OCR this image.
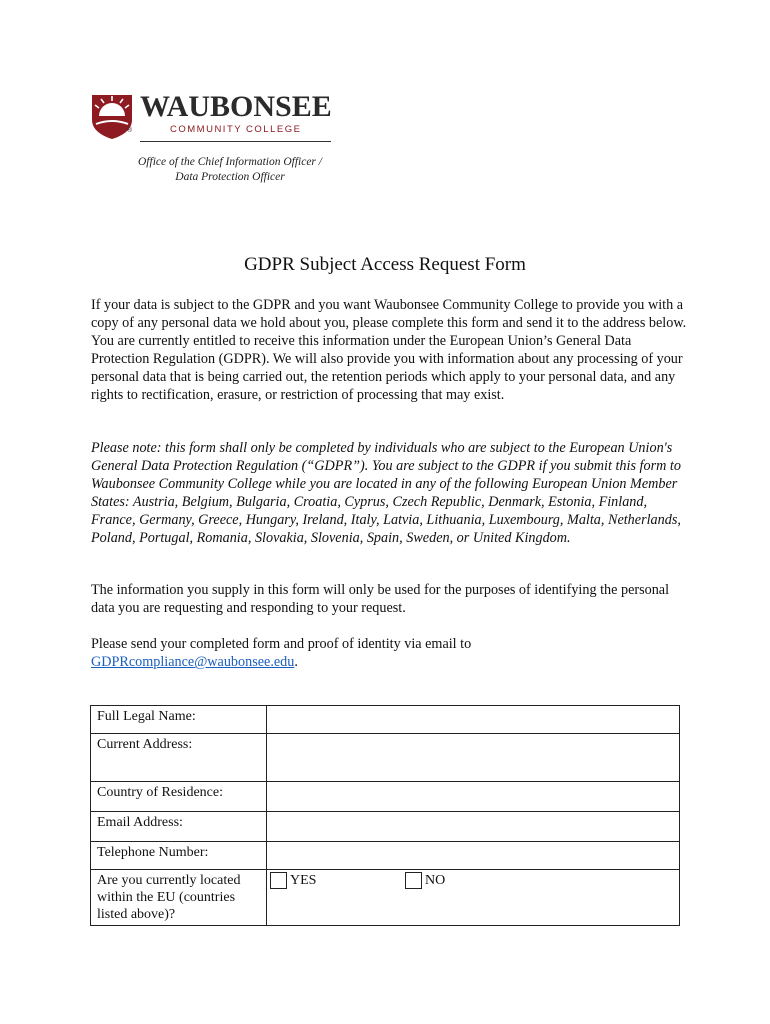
®
WAUBONSEE
COMMUNITY COLLEGE
Office of the Chief Information Officer /
Data Protection Officer
GDPR Subject Access Request Form
If your data is subject to the GDPR and you want Waubonsee Community College to provide you with a copy of any personal data we hold about you, please complete this form and send it to the address below. You are currently entitled to receive this information under the European Union’s General Data Protection Regulation (GDPR). We will also provide you with information about any processing of your personal data that is being carried out, the retention periods which apply to your personal data, and any rights to rectification, erasure, or restriction of processing that may exist.
Please note: this form shall only be completed by individuals who are subject to the European Union's General Data Protection Regulation (“GDPR”). You are subject to the GDPR if you submit this form to Waubonsee Community College while you are located in any of the following European Union Member States: Austria, Belgium, Bulgaria, Croatia, Cyprus, Czech Republic, Denmark, Estonia, Finland, France, Germany, Greece, Hungary, Ireland, Italy, Latvia, Lithuania, Luxembourg, Malta, Netherlands, Poland, Portugal, Romania, Slovakia, Slovenia, Spain, Sweden, or United Kingdom.
The information you supply in this form will only be used for the purposes of identifying the personal data you are requesting and responding to your request.
Please send your completed form and proof of identity via email to
GDPRcompliance@waubonsee.edu.
Full Legal Name:	
Current Address:	
Country of Residence:	
Email Address:	
Telephone Number:	
Are you currently located within the EU (countries listed above)?	YES
NO
